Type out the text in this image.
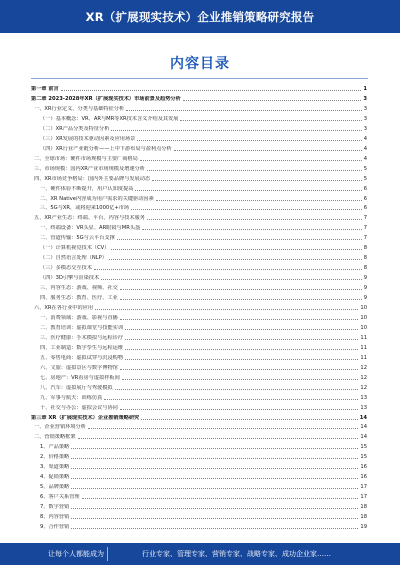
XR（扩展现实技术）企业推销策略研究报告
内容目录
第一章 前言	1
第二章 2023-2028年XR（扩展现实技术）市场前景及趋势分析	3
一、XR行业定义、分类与基础特征分析	3
（一）基本概念：VR、AR与MR等XR技术含义介绍及其发展	3
（二）XR产品分类及特征分析	3
（三）XR发展的技术驱动因素及应用场景	4
（四）XR行业产业链分析——上中下游布局与盈利点分析	4
二、全球市场：硬件市场规模与主要厂商格局	4
三、市场规模：国内XR产业市场规模及增速分析	5
四、XR市场竞争格局：国内外主要品牌与发展动态	5
一、硬件体验不断提升，用户认知度提高	6
二、XR Native内容成为用户需求的关键驱动因素	6
三、5G与XR，或将迎来1000亿+市场	6
五、XR产业生态：终端、平台、内容与技术服务	7
一、终端设备：VR头显、AR眼镜与MR头盔	7
二、管道传输：5G与云平台支撑	7
（一）计算机视觉技术（CV）	8
（二）自然语言处理（NLP）	8
（三）多模态交互技术	8
（四）3D引擎与渲染技术	9
三、内容生态：游戏、视频、社交	9
四、服务生态：教育、医疗、工业	9
六、XR在各行业中的应用	10
一、消费领域：游戏、影视与直播	10
二、教育培训：虚拟课堂与技能实训	10
三、医疗健康：手术模拟与远程诊疗	11
四、工业制造：数字孪生与远程运维	11
五、零售电商：虚拟试穿与沉浸购物	11
六、文旅：虚拟景区与数字博物馆	12
七、房地产：VR看房与虚拟样板间	12
八、汽车：虚拟展厅与驾驶模拟	12
九、军事与航天：训练仿真	13
十、社交与办公：虚拟会议与协同	13
第三章 XR（扩展现实技术）企业推销策略研究	14
一、企业营销环境分析	14
二、营销策略框架	14
1、产品策略	15
2、价格策略	15
3、渠道策略	16
4、促销策略	16
5、品牌策略	17
6、客户关系管理	17
7、数字营销	18
8、内容营销	18
9、合作营销	19
让每个人都能成为	行业专家、管理专家、营销专家、战略专家、成功企业家……
